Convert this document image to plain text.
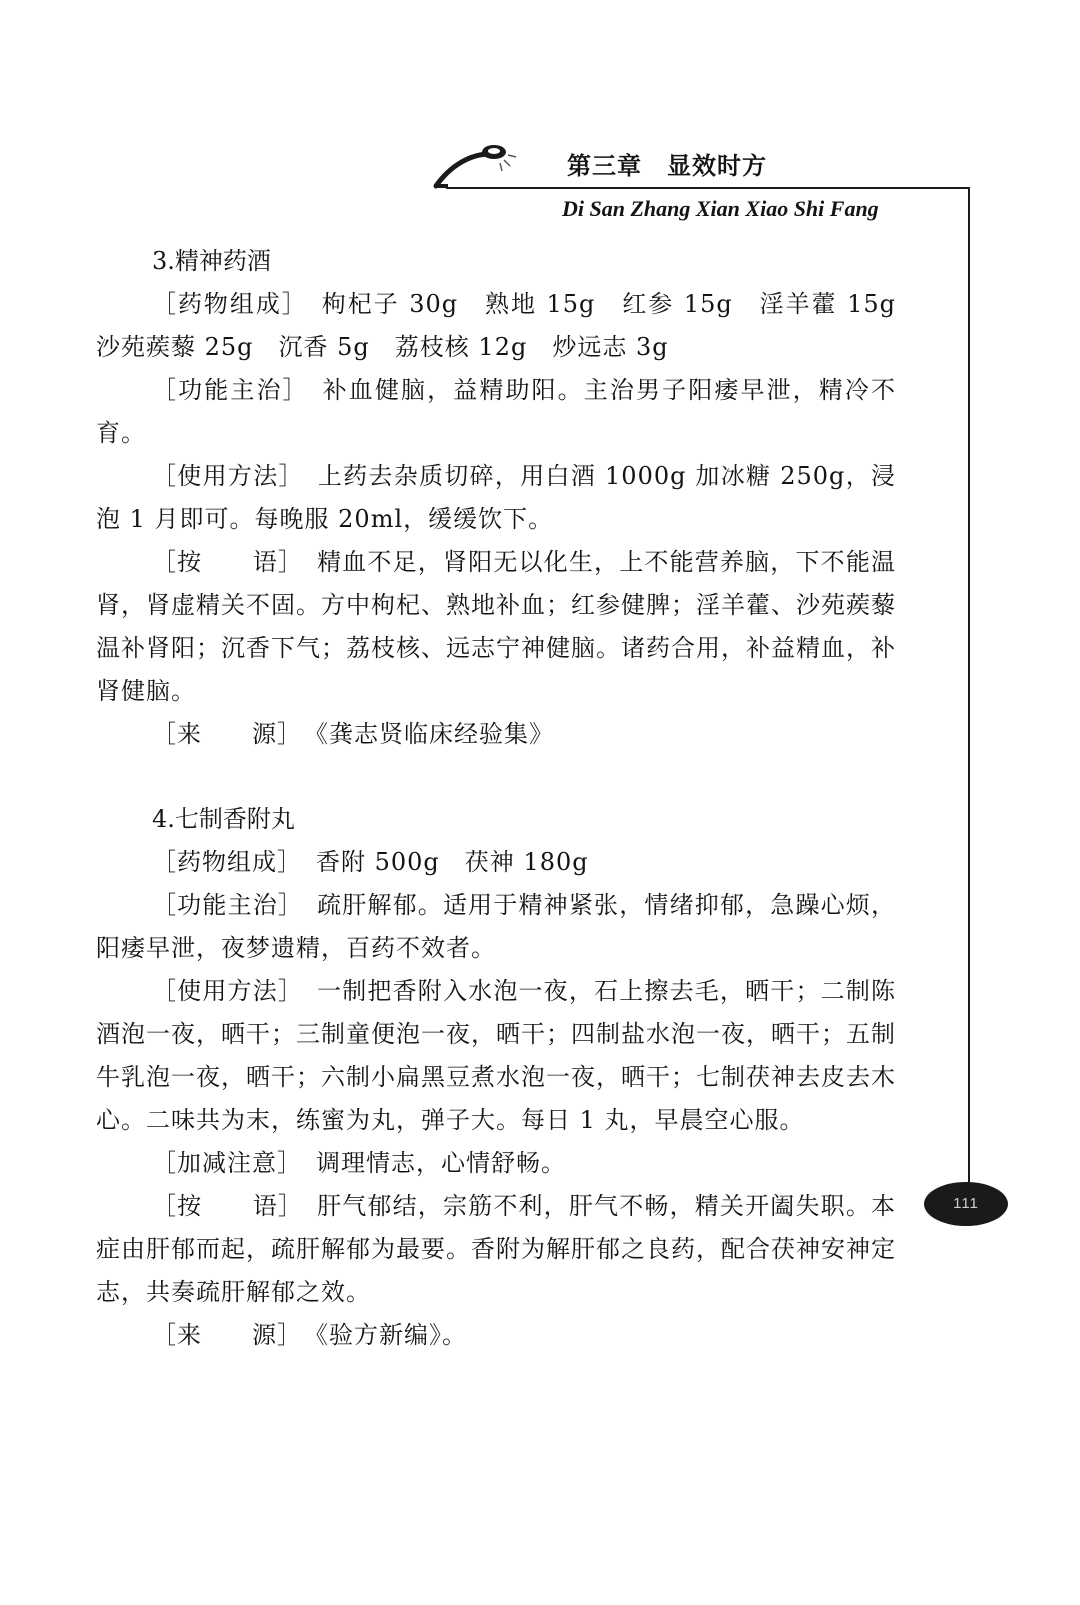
第三章　显效时方
Di San Zhang Xian Xiao Shi Fang
111

3.精神药酒

［药物组成］ 枸杞子 30g　熟地 15g　红参 15g　淫羊藿 15g　沙苑蒺藜 25g　沉香 5g　荔枝核 12g　炒远志 3g

［功能主治］ 补血健脑，益精助阳。主治男子阳痿早泄，精冷不育。

［使用方法］ 上药去杂质切碎，用白酒 1000g 加冰糖 250g，浸泡 1 月即可。每晚服 20ml，缓缓饮下。

［按　　语］ 精血不足，肾阳无以化生，上不能营养脑，下不能温肾，肾虚精关不固。方中枸杞、熟地补血；红参健脾；淫羊藿、沙苑蒺藜温补肾阳；沉香下气；荔枝核、远志宁神健脑。诸药合用，补益精血，补肾健脑。

［来　　源］ 《龚志贤临床经验集》

4.七制香附丸

［药物组成］ 香附 500g　茯神 180g

［功能主治］ 疏肝解郁。适用于精神紧张，情绪抑郁，急躁心烦，阳痿早泄，夜梦遗精，百药不效者。

［使用方法］ 一制把香附入水泡一夜，石上擦去毛，晒干；二制陈酒泡一夜，晒干；三制童便泡一夜，晒干；四制盐水泡一夜，晒干；五制牛乳泡一夜，晒干；六制小扁黑豆煮水泡一夜，晒干；七制茯神去皮去木心。二味共为末，练蜜为丸，弹子大。每日 1 丸，早晨空心服。

［加减注意］ 调理情志，心情舒畅。

［按　　语］ 肝气郁结，宗筋不利，肝气不畅，精关开阖失职。本症由肝郁而起，疏肝解郁为最要。香附为解肝郁之良药，配合茯神安神定志，共奏疏肝解郁之效。

［来　　源］ 《验方新编》。
